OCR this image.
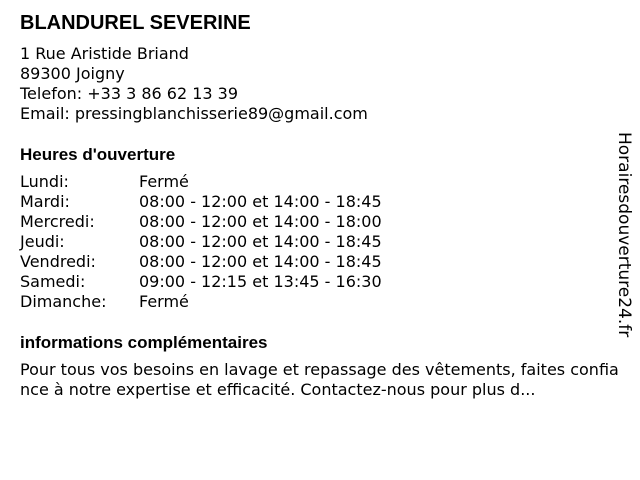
BLANDUREL SEVERINE
1 Rue Aristide Briand
89300 Joigny
Telefon: +33 3 86 62 13 39
Email: pressingblanchisserie89@gmail.com
Heures d'ouverture
Lundi:	Fermé
Mardi:	08:00 - 12:00 et 14:00 - 18:45
Mercredi:	08:00 - 12:00 et 14:00 - 18:00
Jeudi:	08:00 - 12:00 et 14:00 - 18:45
Vendredi:	08:00 - 12:00 et 14:00 - 18:45
Samedi:	09:00 - 12:15 et 13:45 - 16:30
Dimanche:	Fermé
informations complémentaires
Pour tous vos besoins en lavage et repassage des vêtements, faites confiance à notre expertise et efficacité. Contactez-nous pour plus d...
Horairesdouverture24.fr
